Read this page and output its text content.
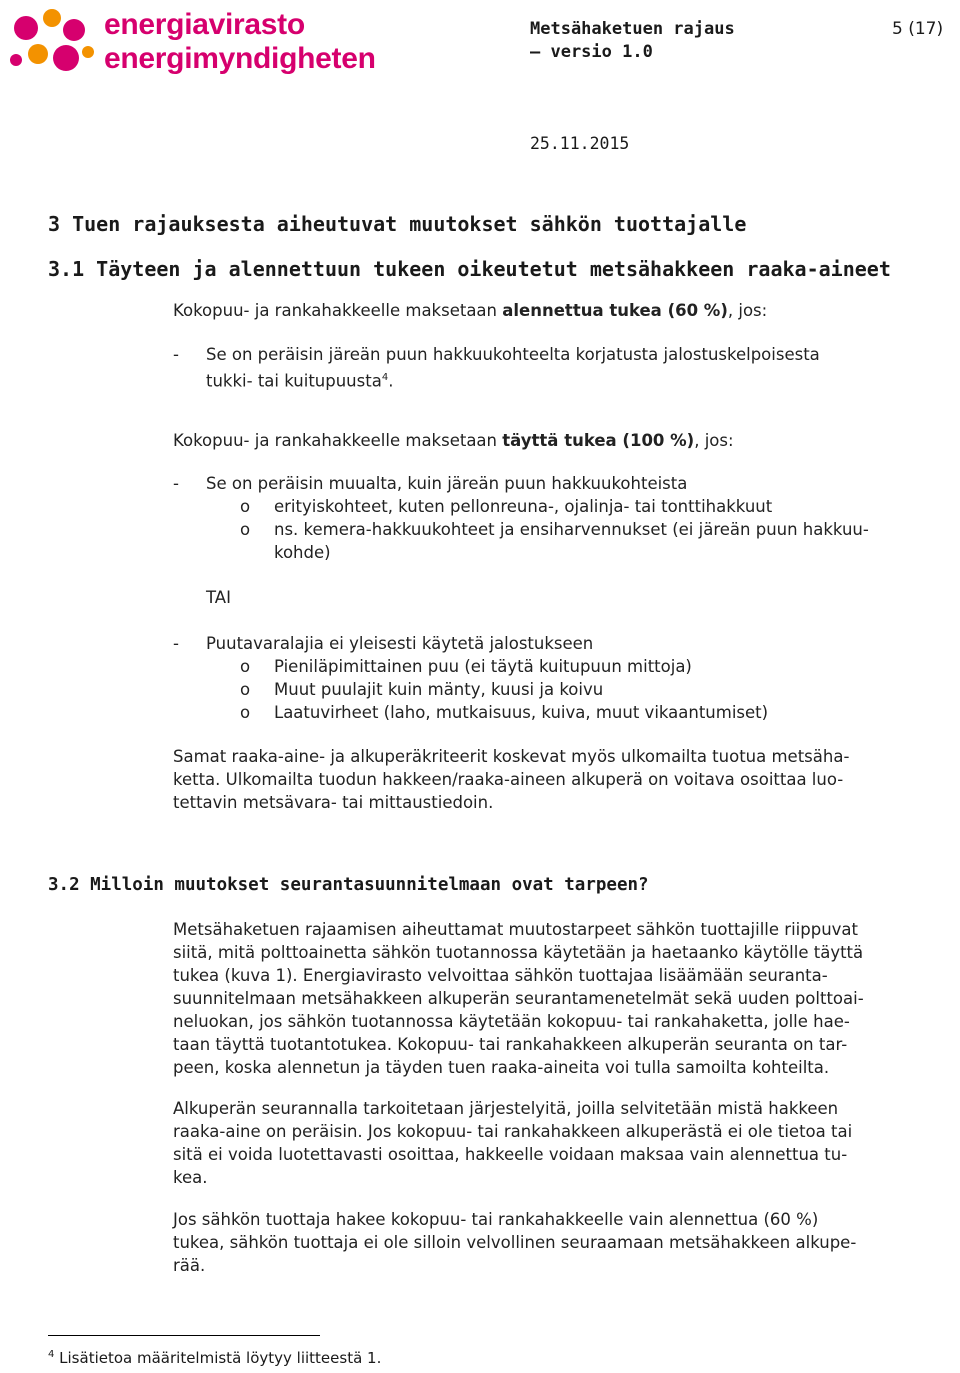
energiavirasto
energimyndigheten
Metsähaketuen rajaus
– versio 1.0
5 (17)
25.11.2015
3 Tuen rajauksesta aiheutuvat muutokset sähkön tuottajalle
3.1 Täyteen ja alennettuun tukeen oikeutetut metsähakkeen raaka-aineet
Kokopuu- ja rankahakkeelle maksetaan alennettua tukea (60 %), jos:
- Se on peräisin järeän puun hakkuukohteelta korjatusta jalostuskelpoisesta
tukki- tai kuitupuusta$^4$.
Kokopuu- ja rankahakkeelle maksetaan täyttä tukea (100 %), jos:
- Se on peräisin muualta, kuin järeän puun hakkuukohteista
o erityiskohteet, kuten pellonreuna-, ojalinja- tai tonttihakkuut
o ns. kemera-hakkuukohteet ja ensiharvennukset (ei järeän puun hakkuu-
kohde)
TAI
- Puutavaralajia ei yleisesti käytetä jalostukseen
o Pieniläpimittainen puu (ei täytä kuitupuun mittoja)
o Muut puulajit kuin mänty, kuusi ja koivu
o Laatuvirheet (laho, mutkaisuus, kuiva, muut vikaantumiset)
Samat raaka-aine- ja alkuperäkriteerit koskevat myös ulkomailta tuotua metsäha-
ketta. Ulkomailta tuodun hakkeen/raaka-aineen alkuperä on voitava osoittaa luo-
tettavin metsävara- tai mittaustiedoin.
3.2 Milloin muutokset seurantasuunnitelmaan ovat tarpeen?
Metsähaketuen rajaamisen aiheuttamat muutostarpeet sähkön tuottajille riippuvat
siitä, mitä polttoainetta sähkön tuotannossa käytetään ja haetaanko käytölle täyttä
tukea (kuva 1). Energiavirasto velvoittaa sähkön tuottajaa lisäämään seuranta-
suunnitelmaan metsähakkeen alkuperän seurantamenetelmät sekä uuden polttoai-
neluokan, jos sähkön tuotannossa käytetään kokopuu- tai rankahaketta, jolle hae-
taan täyttä tuotantotukea. Kokopuu- tai rankahakkeen alkuperän seuranta on tar-
peen, koska alennetun ja täyden tuen raaka-aineita voi tulla samoilta kohteilta.
Alkuperän seurannalla tarkoitetaan järjestelyitä, joilla selvitetään mistä hakkeen
raaka-aine on peräisin. Jos kokopuu- tai rankahakkeen alkuperästä ei ole tietoa tai
sitä ei voida luotettavasti osoittaa, hakkeelle voidaan maksaa vain alennettua tu-
kea.
Jos sähkön tuottaja hakee kokopuu- tai rankahakkeelle vain alennettua (60 %)
tukea, sähkön tuottaja ei ole silloin velvollinen seuraamaan metsähakkeen alkupe-
rää.
$^4$ Lisätietoa määritelmistä löytyy liitteestä 1.
